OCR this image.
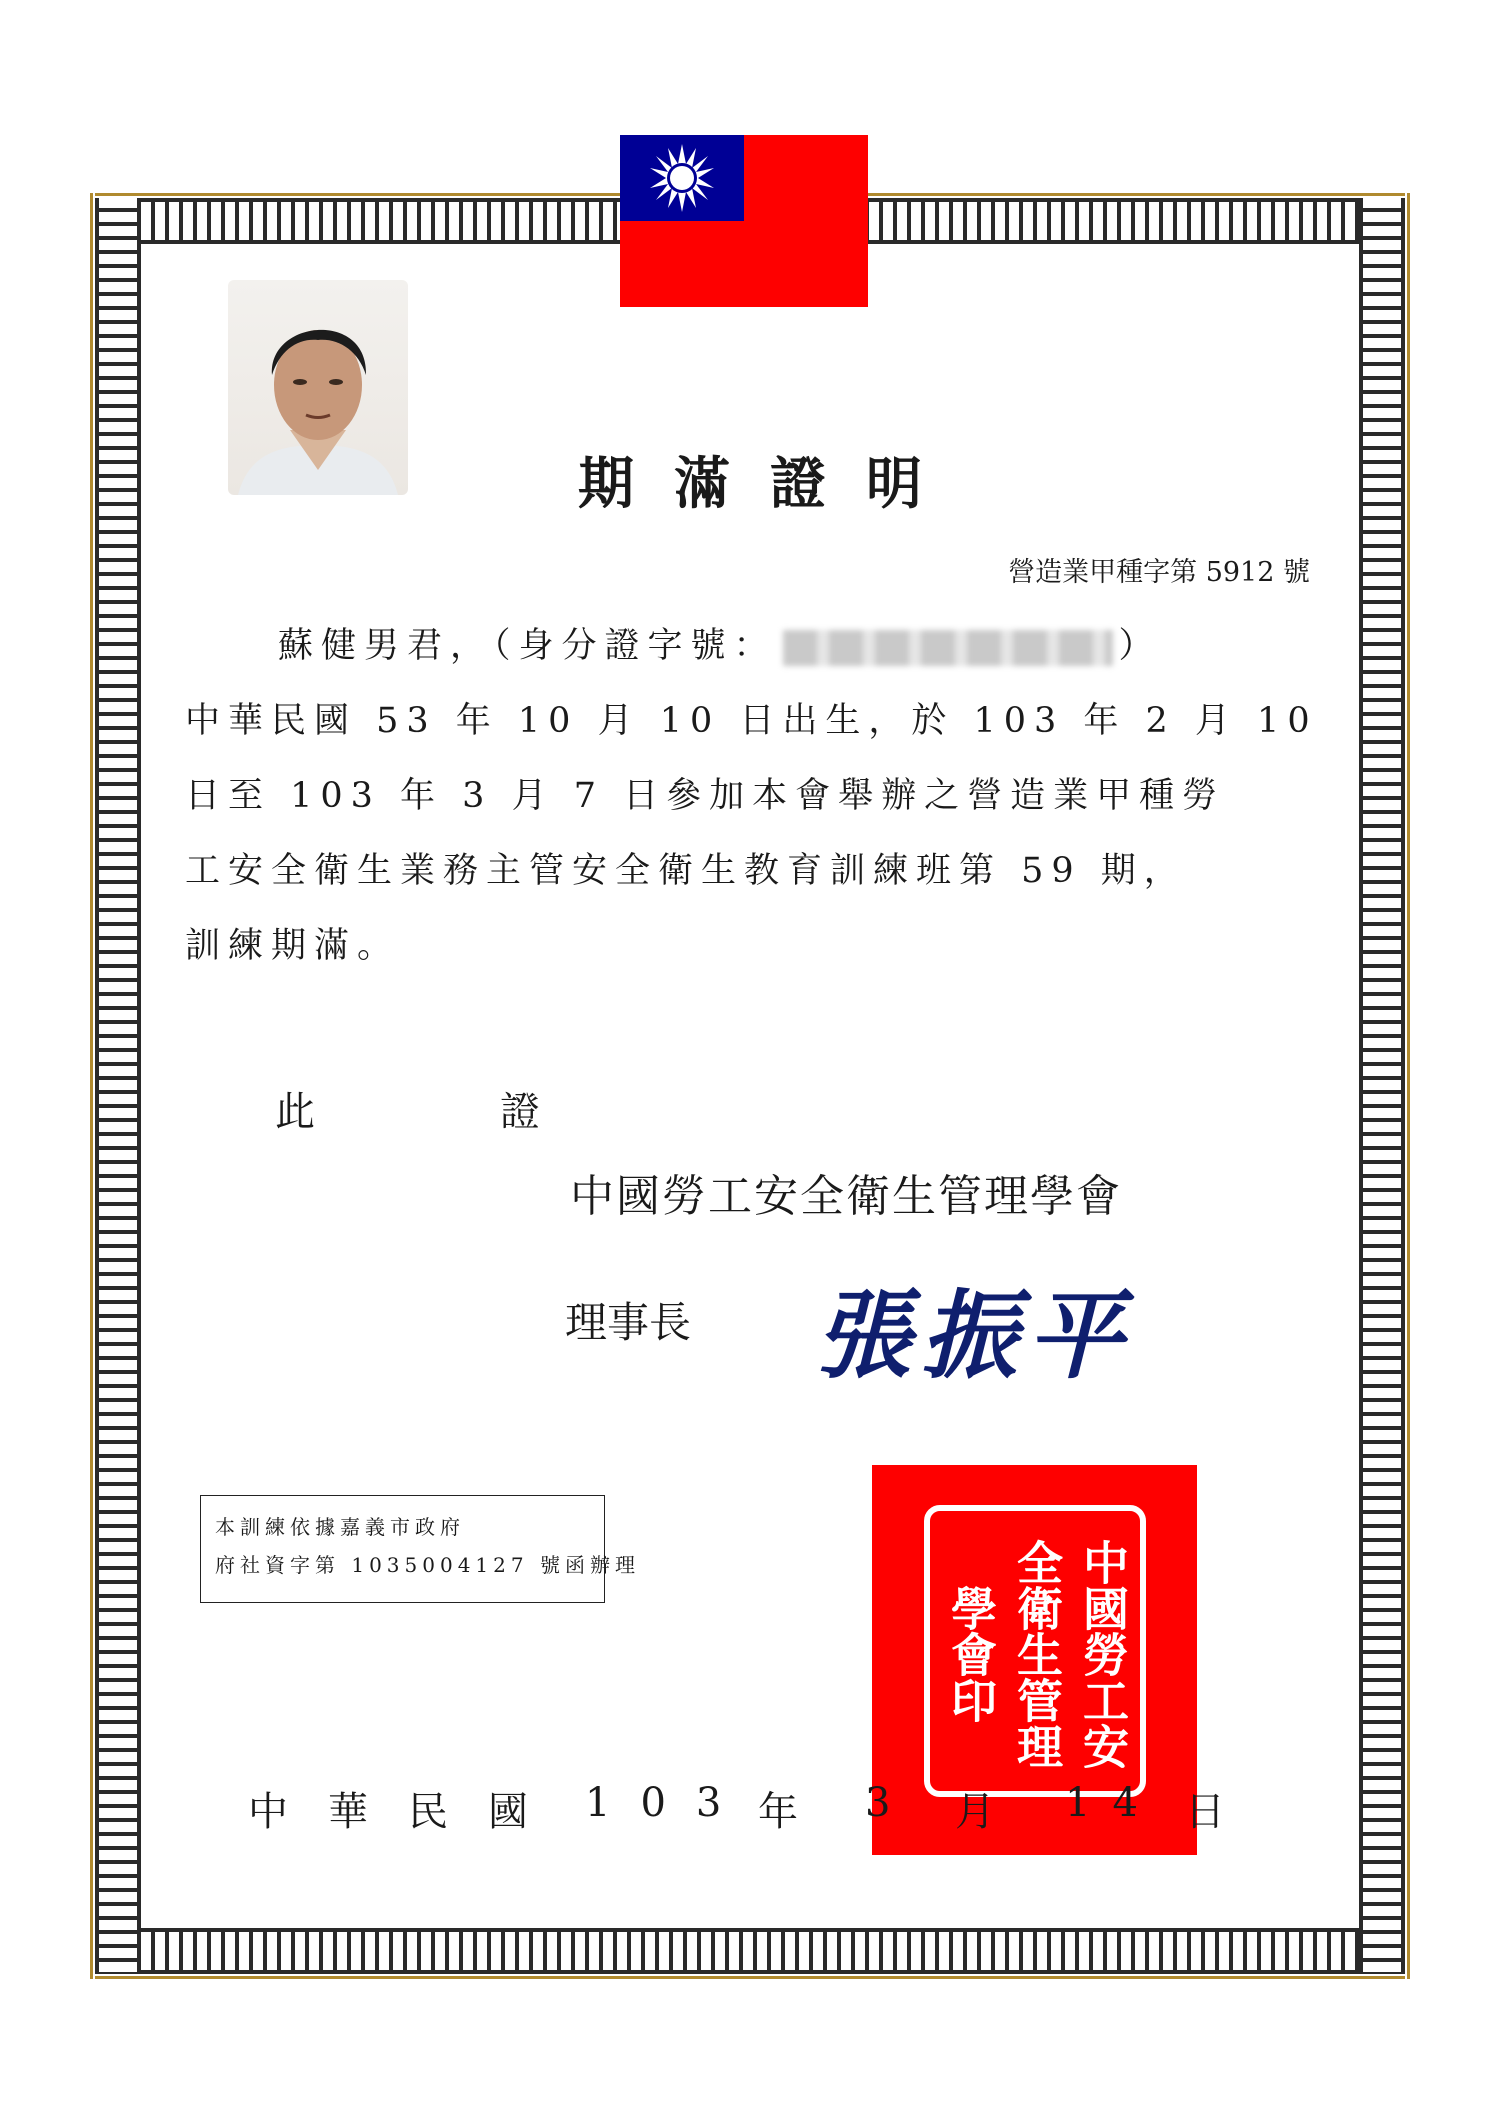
期滿證明
營造業甲種字第 5912 號
蘇健男君，（身分證字號：	）
中華民國 53 年 10 月 10 日出生，於 103 年 2 月 10
日至 103 年 3 月 7 日參加本會舉辦之營造業甲種勞
工安全衛生業務主管安全衛生教育訓練班第 59 期，
訓練期滿。
此	證
中國勞工安全衛生管理學會
理事長 張振平
本訓練依據嘉義市政府
府社資字第 1035004127 號函辦理	中國勞工安全衛生管理學會印
中華民國 103 年 3 月 14 日
